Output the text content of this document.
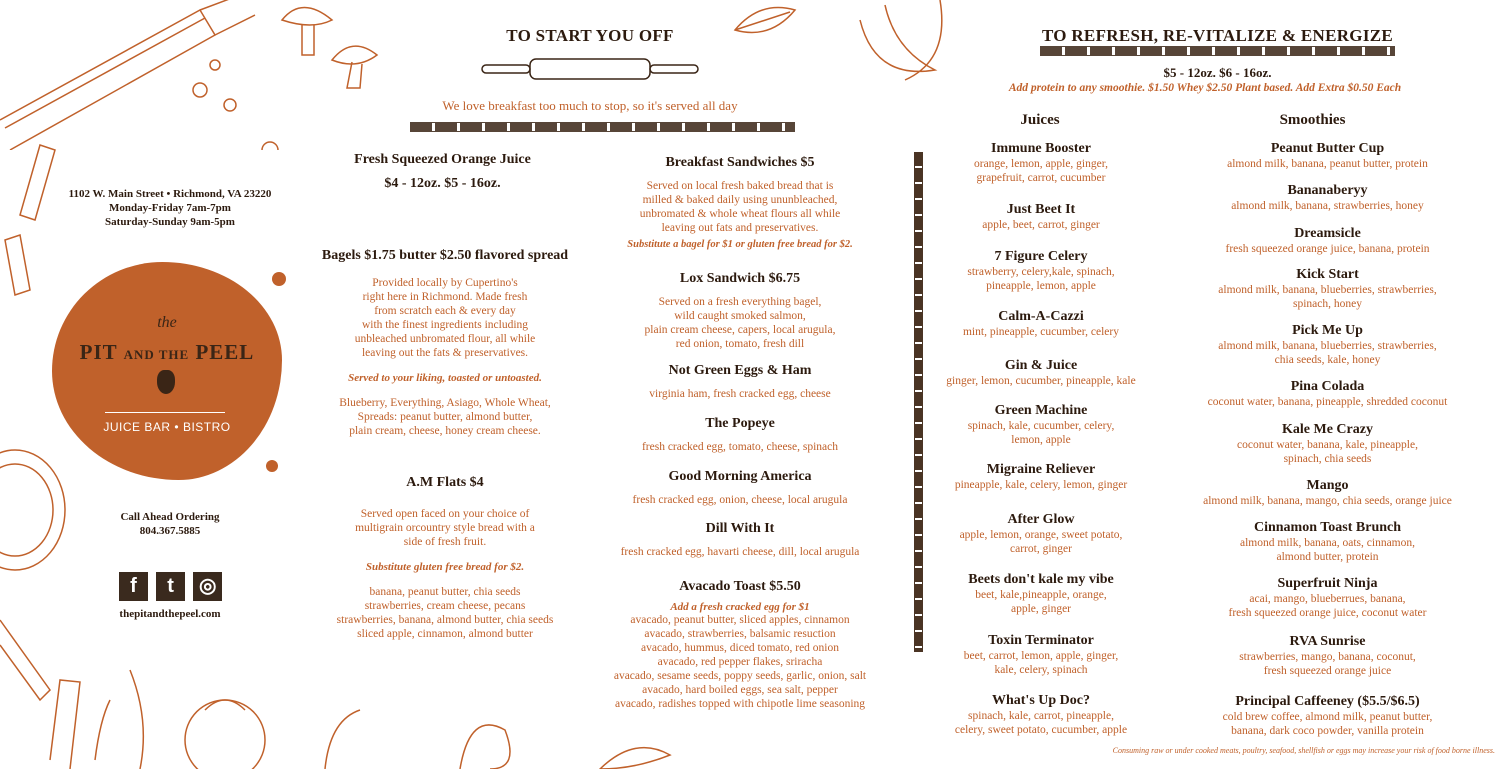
1102 W. Main Street • Richmond, VA 23220
Monday-Friday 7am-7pm
Saturday-Sunday 9am-5pm
the
PIT AND THE PEEL
JUICE BAR • BISTRO
Call Ahead Ordering
804.367.5885
f t ◎
thepitandthepeel.com
TO START YOU OFF
We love breakfast too much to stop, so it's served all day
Fresh Squeezed Orange Juice
$4 - 12oz. $5 - 16oz.
Bagels $1.75 butter $2.50 flavored spread
Provided locally by Cupertino's
right here in Richmond. Made fresh
from scratch each & every day
with the finest ingredients including
unbleached unbromated flour, all while
leaving out the fats & preservatives.
Served to your liking, toasted or untoasted.
Blueberry, Everything, Asiago, Whole Wheat,
Spreads: peanut butter, almond butter,
plain cream, cheese, honey cream cheese.
A.M Flats $4
Served open faced on your choice of
multigrain orcountry style bread with a
side of fresh fruit.
Substitute gluten free bread for $2.
banana, peanut butter, chia seeds
strawberries, cream cheese, pecans
strawberries, banana, almond butter, chia seeds
sliced apple, cinnamon, almond butter
Breakfast Sandwiches $5
Served on local fresh baked bread that is
milled & baked daily using ununbleached,
unbromated & whole wheat flours all while
leaving out fats and preservatives.
Substitute a bagel for $1 or gluten free bread for $2.
Lox Sandwich $6.75
Served on a fresh everything bagel,
wild caught smoked salmon,
plain cream cheese, capers, local arugula,
red onion, tomato, fresh dill
Not Green Eggs & Ham
virginia ham, fresh cracked egg, cheese
The Popeye
fresh cracked egg, tomato, cheese, spinach
Good Morning America
fresh cracked egg, onion, cheese, local arugula
Dill With It
fresh cracked egg, havarti cheese, dill, local arugula
Avacado Toast $5.50
Add a fresh cracked egg for $1
avacado, peanut butter, sliced apples, cinnamon
avacado, strawberries, balsamic resuction
avacado, hummus, diced tomato, red onion
avacado, red pepper flakes, sriracha
avacado, sesame seeds, poppy seeds, garlic, onion, salt
avacado, hard boiled eggs, sea salt, pepper
avacado, radishes topped with chipotle lime seasoning
TO REFRESH, RE-VITALIZE & ENERGIZE
$5 - 12oz. $6 - 16oz.
Add protein to any smoothie. $1.50 Whey $2.50 Plant based. Add Extra $0.50 Each
Juices	Smoothies
Immune Booster
orange, lemon, apple, ginger,
grapefruit, carrot, cucumber
Just Beet It
apple, beet, carrot, ginger
7 Figure Celery
strawberry, celery,kale, spinach,
pineapple, lemon, apple
Calm-A-Cazzi
mint, pineapple, cucumber, celery
Gin & Juice
ginger, lemon, cucumber, pineapple, kale
Green Machine
spinach, kale, cucumber, celery,
lemon, apple
Migraine Reliever
pineapple, kale, celery, lemon, ginger
After Glow
apple, lemon, orange, sweet potato,
carrot, ginger
Beets don't kale my vibe
beet, kale,pineapple, orange,
apple, ginger
Toxin Terminator
beet, carrot, lemon, apple, ginger,
kale, celery, spinach
What's Up Doc?
spinach, kale, carrot, pineapple,
celery, sweet potato, cucumber, apple
Peanut Butter Cup
almond milk, banana, peanut butter, protein
Bananaberyy
almond milk, banana, strawberries, honey
Dreamsicle
fresh squeezed orange juice, banana, protein
Kick Start
almond milk, banana, blueberries, strawberries,
spinach, honey
Pick Me Up
almond milk, banana, blueberries, strawberries,
chia seeds, kale, honey
Pina Colada
coconut water, banana, pineapple, shredded coconut
Kale Me Crazy
coconut water, banana, kale, pineapple,
spinach, chia seeds
Mango
almond milk, banana, mango, chia seeds, orange juice
Cinnamon Toast Brunch
almond milk, banana, oats, cinnamon,
almond butter, protein
Superfruit Ninja
acai, mango, blueberrues, banana,
fresh squeezed orange juice, coconut water
RVA Sunrise
strawberries, mango, banana, coconut,
fresh squeezed orange juice
Principal Caffeeney ($5.5/$6.5)
cold brew coffee, almond milk, peanut butter,
banana, dark coco powder, vanilla protein
Consuming raw or under cooked meats, poultry, seafood, shellfish or eggs may increase your risk of food borne illness.
